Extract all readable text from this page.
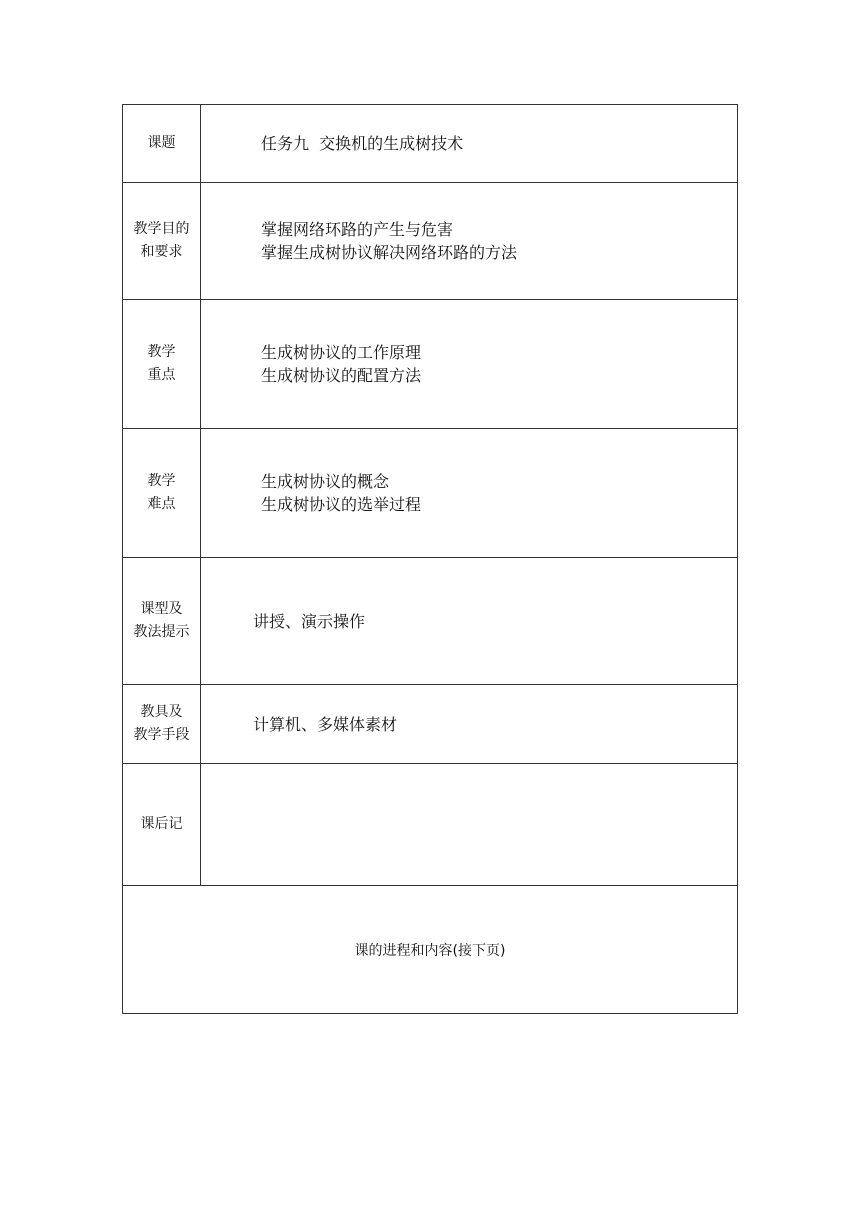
课题	任务九  交换机的生成树技术

教学目的
和要求	掌握网络环路的产生与危害
掌握生成树协议解决网络环路的方法

教学
重点	生成树协议的工作原理
生成树协议的配置方法

教学
难点	生成树协议的概念
生成树协议的选举过程

课型及
教法提示	讲授、演示操作

教具及
教学手段	计算机、多媒体素材

课后记	

课的进程和内容(接下页)	
